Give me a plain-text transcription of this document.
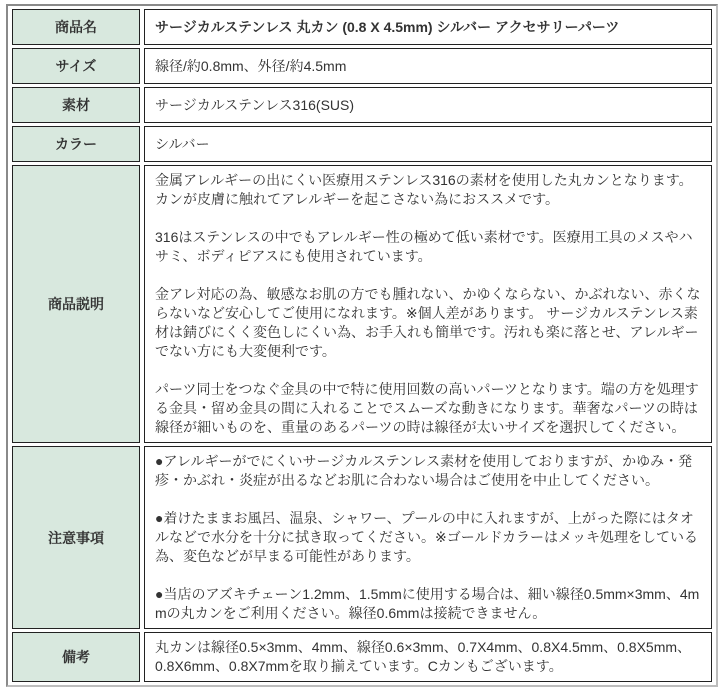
商品名	サージカルステンレス 丸カン (0.8 X 4.5mm) シルバー アクセサリーパーツ
サイズ	線径/約0.8mm、外径/約4.5mm
素材	サージカルステンレス316(SUS)
カラー	シルバー
商品説明	金属アレルギーの出にくい医療用ステンレス316の素材を使用した丸カンとなります。カンが皮膚に触れてアレルギーを起こさない為におススメです。

316はステンレスの中でもアレルギー性の極めて低い素材です。医療用工具のメスやハサミ、ボディピアスにも使用されています。

金アレ対応の為、敏感なお肌の方でも腫れない、かゆくならない、かぶれない、赤くならないなど安心してご使用になれます。※個人差があります。 サージカルステンレス素材は錆びにくく変色しにくい為、お手入れも簡単です。汚れも楽に落とせ、アレルギーでない方にも大変便利です。

パーツ同士をつなぐ金具の中で特に使用回数の高いパーツとなります。端の方を処理する金具・留め金具の間に入れることでスムーズな動きになります。華奢なパーツの時は線径が細いものを、重量のあるパーツの時は線径が太いサイズを選択してください。

注意事項	●アレルギーがでにくいサージカルステンレス素材を使用しておりますが、かゆみ・発疹・かぶれ・炎症が出るなどお肌に合わない場合はご使用を中止してください。

●着けたままお風呂、温泉、シャワー、プールの中に入れますが、上がった際にはタオルなどで水分を十分に拭き取ってください。※ゴールドカラーはメッキ処理をしている為、変色などが早まる可能性があります。

●当店のアズキチェーン1.2mm、1.5mmに使用する場合は、細い線径0.5mm×3mm、4mmの丸カンをご利用ください。線径0.6mmは接続できません。

備考	丸カンは線径0.5×3mm、4mm、線径0.6×3mm、0.7X4mm、0.8X4.5mm、0.8X5mm、0.8X6mm、0.8X7mmを取り揃えています。Cカンもございます。
